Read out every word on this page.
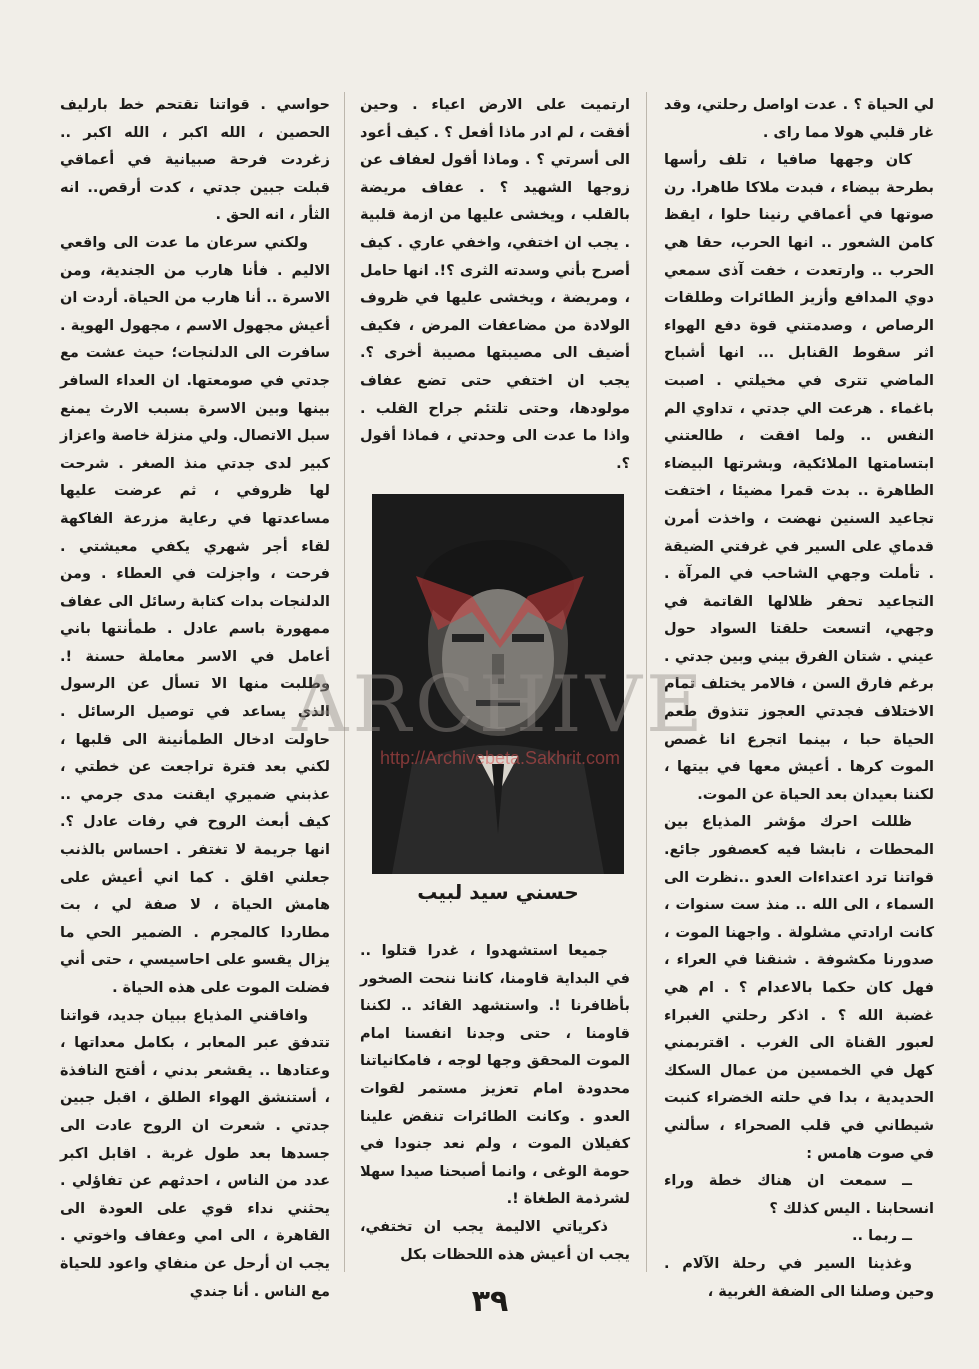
لي الحياة ؟ . عدت اواصل رحلتي، وقد غار قلبي هولا مما راى .

كان وجهها صافيا ، تلف رأسها بطرحة بيضاء ، فبدت ملاكا طاهرا. رن صوتها في أعماقي رنينا حلوا ، ايقظ كامن الشعور .. انها الحرب، حقا هي الحرب .. وارتعدت ، خفت آذى سمعي دوي المدافع وأزيز الطائرات وطلقات الرصاص ، وصدمتني قوة دفع الهواء اثر سقوط القنابل ... انها أشباح الماضي تترى في مخيلتي . اصبت باغماء . هرعت الي جدتي ، تداوي الم النفس .. ولما افقت ، طالعتني ابتسامتها الملائكية، وبشرتها البيضاء الطاهرة .. بدت قمرا مضيئا ، اختفت تجاعيد السنين نهضت ، واخذت أمرن قدماي على السير في غرفتي الضيقة . تأملت وجهي الشاحب في المرآة . التجاعيد تحفر ظلالها القاتمة في وجهي، اتسعت حلقتا السواد حول عيني . شتان الفرق بيني وبين جدتي . برغم فارق السن ، فالامر يختلف تمام الاختلاف فجدتي العجوز تتذوق طعم الحياة حبا ، بينما اتجرع انا غصص الموت كرها . أعيش معها في بيتها ، لكننا بعيدان بعد الحياة عن الموت.

ظللت احرك مؤشر المذياع بين المحطات ، نابشا فيه كعصفور جائع. قواتنا ترد اعتداءات العدو ..نظرت الى السماء ، الى الله .. منذ ست سنوات ، كانت ارادتي مشلولة . واجهنا الموت ، صدورنا مكشوفة . شنقنا في العراء ، فهل كان حكما بالاعدام ؟ . ام هي غضبة الله ؟ . اذكر رحلتي الغبراء لعبور القناة الى الغرب . اقتربمني كهل في الخمسين من عمال السكك الحديدية ، بدا في حلته الخضراء كنبت شيطاني في قلب الصحراء ، سألني في صوت هامس :

ــ سمعت ان هناك خطة وراء انسحابنا . اليس كذلك ؟

ــ ربما ..

وغذينا السير في رحلة الآلام . وحين وصلنا الى الضفة الغربية ،

ارتميت على الارض اعياء . وحين أفقت ، لم ادر ماذا أفعل ؟ . كيف أعود الى أسرتي ؟ . وماذا أقول لعفاف عن زوجها الشهيد ؟ . عفاف مريضة بالقلب ، ويخشى عليها من ازمة قلبية . يجب ان اختفي، واخفي عاري . كيف أصرح بأني وسدته الثرى ؟!. انها حامل ، ومريضة ، ويخشى عليها في ظروف الولادة من مضاعفات المرض ، فكيف أضيف الى مصيبتها مصيبة أخرى ؟. يجب ان اختفي حتى تضع عفاف مولودها، وحتى تلتئم جراح القلب . واذا ما عدت الى وحدتي ، فماذا أقول ؟.

حسني سيد لبيب

جميعا استشهدوا ، غدرا قتلوا .. في البداية قاومنا، كاننا ننحت الصخور بأظافرنا !. واستشهد القائد .. لكننا قاومنا ، حتى وجدنا انفسنا امام الموت المحقق وجها لوجه ، فامكانياتنا محدودة امام تعزيز مستمر لقوات العدو . وكانت الطائرات تنقض علينا كفيلان الموت ، ولم نعد جنودا في حومة الوغى ، وانما أصبحنا صيدا سهلا لشرذمة الطغاة !.

ذكرياتي الاليمة يجب ان تختفي، يجب ان أعيش هذه اللحظات بكل

حواسي . قواتنا تقتحم خط بارليف الحصين ، الله اكبر ، الله اكبر .. زغردت فرحة صبيانية في أعماقي قبلت جبين جدتي ، كدت أرقص.. انه الثأر ، انه الحق .

ولكني سرعان ما عدت الى واقعي الاليم . فأنا هارب من الجندية، ومن الاسرة .. أنا هارب من الحياة. أردت ان أعيش مجهول الاسم ، مجهول الهوية . سافرت الى الدلنجات؛ حيث عشت مع جدتي في صومعتها. ان العداء السافر بينها وبين الاسرة بسبب الارث يمنع سبل الاتصال. ولي منزلة خاصة واعزاز كبير لدى جدتي منذ الصغر . شرحت لها ظروفي ، ثم عرضت عليها مساعدتها في رعاية مزرعة الفاكهة لقاء أجر شهري يكفي معيشتي . فرحت ، واجزلت في العطاء . ومن الدلنجات بدات كتابة رسائل الى عفاف ممهورة باسم عادل . طمأنتها باني أعامل في الاسر معاملة حسنة !. وطلبت منها الا تسأل عن الرسول الذي يساعد في توصيل الرسائل . حاولت ادخال الطمأنينة الى قلبها ، لكني بعد فترة تراجعت عن خطتي ، عذبني ضميري ايقنت مدى جرمي .. كيف أبعث الروح في رفات عادل ؟. انها جريمة لا تغتفر . احساس بالذنب جعلني اقلق . كما اني أعيش على هامش الحياة ، لا صفة لي ، بت مطاردا كالمجرم . الضمير الحي ما يزال يقسو على احاسيسي ، حتى أني فضلت الموت على هذه الحياة .

وافاقني المذياع ببيان جديد، قواتنا تتدفق عبر المعابر ، بكامل معداتها ، وعتادها .. يقشعر بدني ، أفتح النافذة ، أستنشق الهواء الطلق ، اقبل جبين جدتي . شعرت ان الروح عادت الى جسدها بعد طول غربة . اقابل اكبر عدد من الناس ، احدثهم عن تفاؤلي . يحثني نداء قوي على العودة الى القاهرة ، الى امي وعفاف واخوتي . يجب ان أرحل عن منفاي واعود للحياة مع الناس . أنا جندي

ARCHIVE
http://Archivebeta.Sakhrit.com
٣٩
